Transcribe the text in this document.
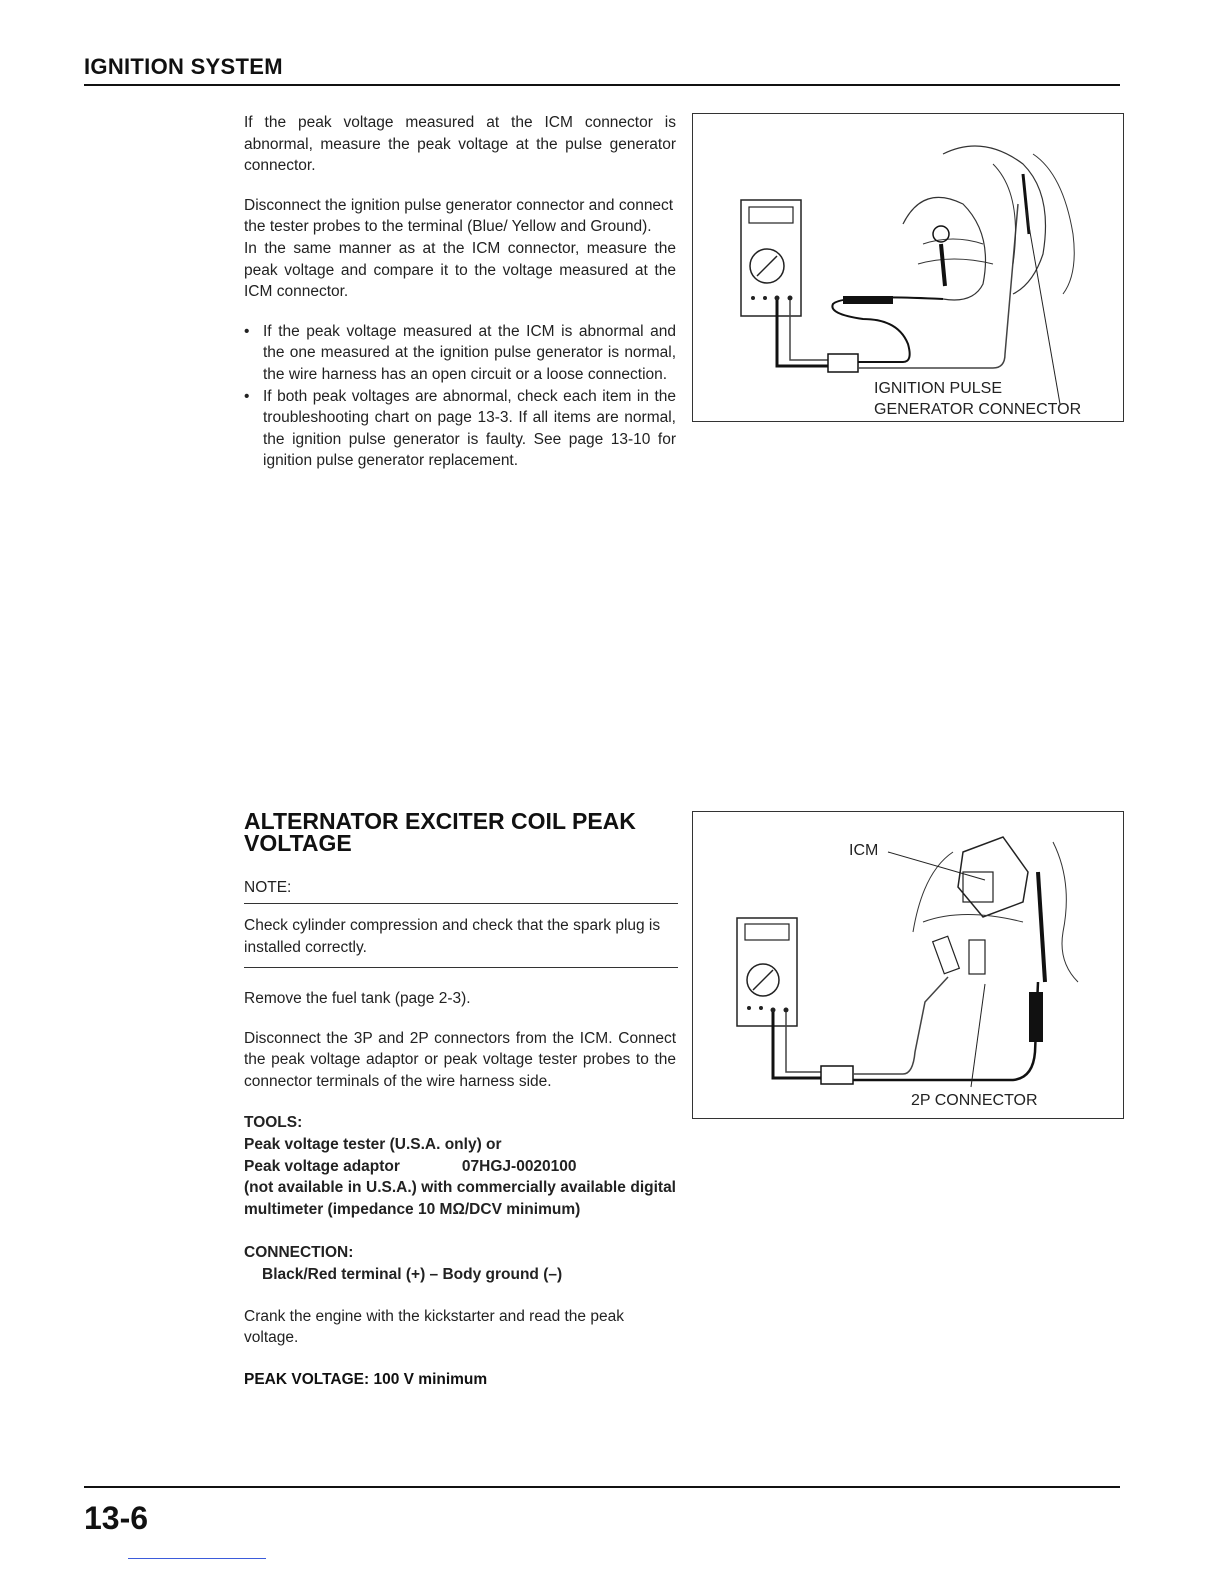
IGNITION SYSTEM

If the peak voltage measured at the ICM connector is abnormal, measure the peak voltage at the pulse generator connector.

Disconnect the ignition pulse generator connector and connect the tester probes to the terminal (Blue/ Yellow and Ground).

In the same manner as at the ICM connector, measure the peak voltage and compare it to the voltage measured at the ICM connector.

• If the peak voltage measured at the ICM is abnormal and the one measured at the ignition pulse generator is normal, the wire harness has an open circuit or a loose connection.
• If both peak voltages are abnormal, check each item in the troubleshooting chart on page 13-3. If all items are normal, the ignition pulse generator is faulty. See page 13-10 for ignition pulse generator replacement.
IGNITION PULSE
GENERATOR CONNECTOR
ALTERNATOR EXCITER COIL PEAK
VOLTAGE
NOTE:
Check cylinder compression and check that the spark plug is installed correctly.

Remove the fuel tank (page 2-3).

Disconnect the 3P and 2P connectors from the ICM. Connect the peak voltage adaptor or peak voltage tester probes to the connector terminals of the wire harness side.

TOOLS:
Peak voltage tester (U.S.A. only) or
Peak voltage adaptor	07HGJ-0020100
(not available in U.S.A.) with commercially available digital multimeter (impedance 10 MΩ/DCV minimum)
CONNECTION:
Black/Red terminal (+) – Body ground (–)

Crank the engine with the kickstarter and read the peak voltage.

PEAK VOLTAGE: 100 V minimum
ICM
2P CONNECTOR
13-6
